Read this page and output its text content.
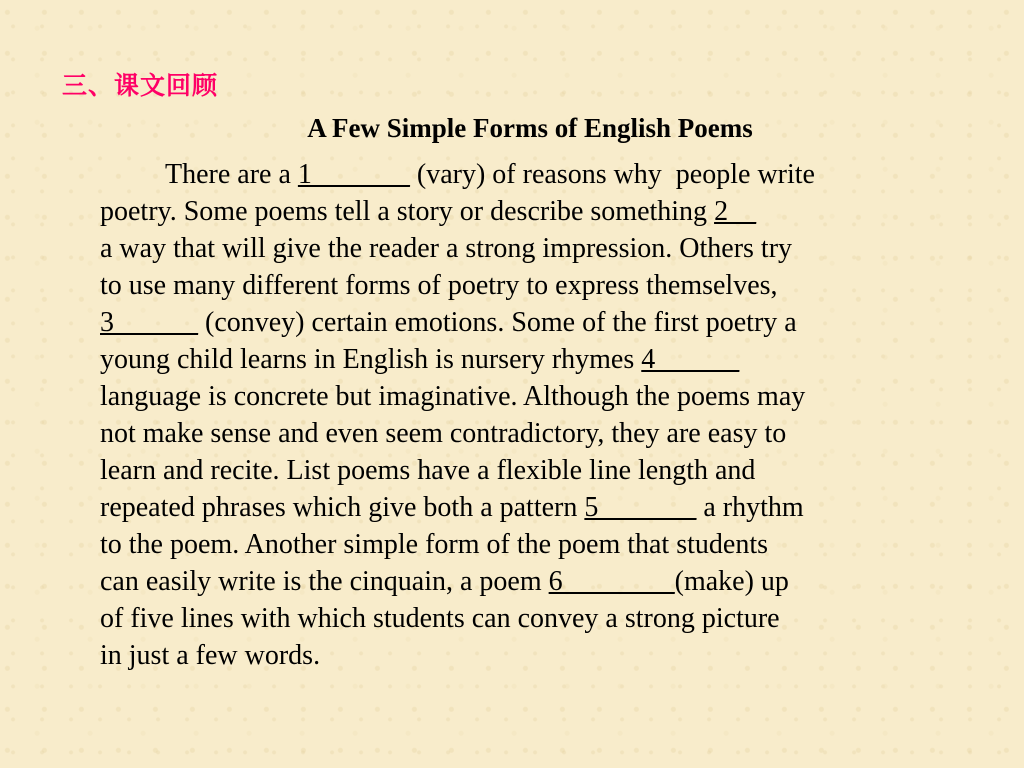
三、课文回顾
A Few Simple Forms of English Poems
There are a 1_______ (vary) of reasons why  people write
poetry. Some poems tell a story or describe something 2__
a way that will give the reader a strong impression. Others try
to use many different forms of poetry to express themselves,
3______ (convey) certain emotions. Some of the first poetry a
young child learns in English is nursery rhymes 4______
language is concrete but imaginative. Although the poems may
not make sense and even seem contradictory, they are easy to
learn and recite. List poems have a flexible line length and
repeated phrases which give both a pattern 5_______ a rhythm
to the poem. Another simple form of the poem that students
can easily write is the cinquain, a poem 6________(make) up
of five lines with which students can convey a strong picture
in just a few words.
